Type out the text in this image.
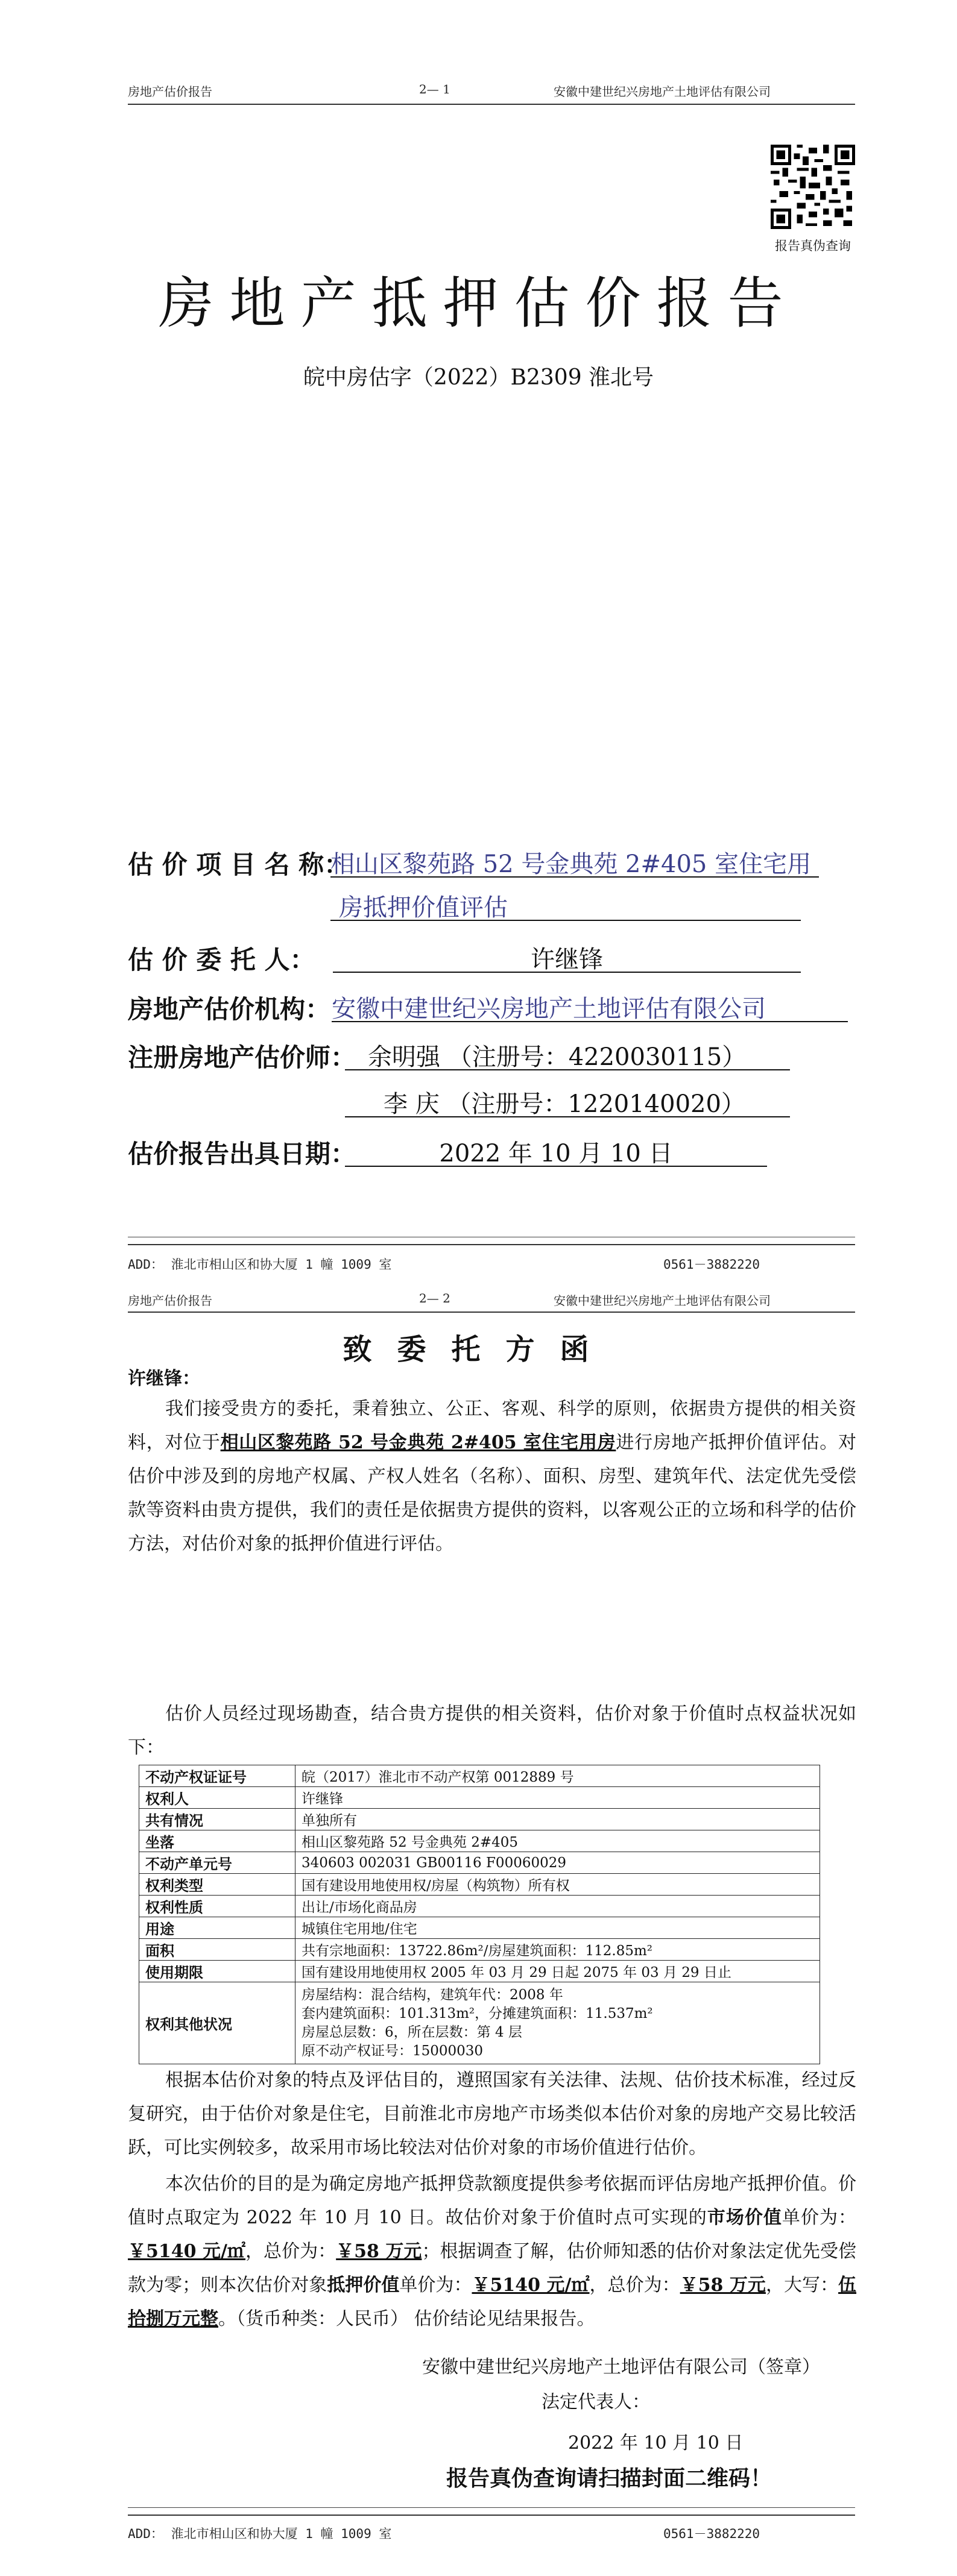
房地产估价报告	2— 1	安徽中建世纪兴房地产土地评估有限公司
报告真伪查询
房地产抵押估价报告
皖中房估字（2022）B2309 淮北号
估 价 项 目 名 称：
相山区黎苑路 52 号金典苑 2#405 室住宅用
房抵押价值评估
估 价 委 托 人：	许继锋
房地产估价机构： 安徽中建世纪兴房地产土地评估有限公司
注册房地产估价师： 余明强 （注册号：4220030115）
李 庆 （注册号：1220140020）
估价报告出具日期：	2022 年 10 月 10 日
ADD： 淮北市相山区和协大厦 1 幢 1009 室	0561－3882220
房地产估价报告	2— 2	安徽中建世纪兴房地产土地评估有限公司
致委托方函
许继锋：

我们接受贵方的委托，秉着独立、公正、客观、科学的原则，依据贵方提供的相关资料，对位于相山区黎苑路 52 号金典苑 2#405 室住宅用房进行房地产抵押价值评估。对估价中涉及到的房地产权属、产权人姓名（名称）、面积、房型、建筑年代、法定优先受偿款等资料由贵方提供，我们的责任是依据贵方提供的资料，以客观公正的立场和科学的估价方法，对估价对象的抵押价值进行评估。

估价人员经过现场勘查，结合贵方提供的相关资料，估价对象于价值时点权益状况如下：

不动产权证证号	皖（2017）淮北市不动产权第 0012889 号
权利人	许继锋
共有情况	单独所有
坐落	相山区黎苑路 52 号金典苑 2#405
不动产单元号	340603 002031 GB00116 F00060029
权利类型	国有建设用地使用权/房屋（构筑物）所有权
权利性质	出让/市场化商品房
用途	城镇住宅用地/住宅
面积	共有宗地面积：13722.86m²/房屋建筑面积：112.85m²
使用期限	国有建设用地使用权 2005 年 03 月 29 日起 2075 年 03 月 29 日止
权利其他状况	房屋结构：混合结构，建筑年代：2008 年
套内建筑面积：101.313m²，分摊建筑面积：11.537m²
房屋总层数：6，所在层数：第 4 层
原不动产权证号：15000030

根据本估价对象的特点及评估目的，遵照国家有关法律、法规、估价技术标准，经过反复研究，由于估价对象是住宅，目前淮北市房地产市场类似本估价对象的房地产交易比较活跃，可比实例较多，故采用市场比较法对估价对象的市场价值进行估价。

本次估价的目的是为确定房地产抵押贷款额度提供参考依据而评估房地产抵押价值。价值时点取定为 2022 年 10 月 10 日。故估价对象于价值时点可实现的市场价值单价为：￥5140 元/㎡，总价为：￥58 万元；根据调查了解，估价师知悉的估价对象法定优先受偿款为零；则本次估价对象抵押价值单价为：￥5140 元/㎡，总价为：￥58 万元，大写：伍拾捌万元整。（货币种类：人民币） 估价结论见结果报告。

安徽中建世纪兴房地产土地评估有限公司（签章）
法定代表人：
2022 年 10 月 10 日
报告真伪查询请扫描封面二维码！
ADD： 淮北市相山区和协大厦 1 幢 1009 室	0561－3882220
